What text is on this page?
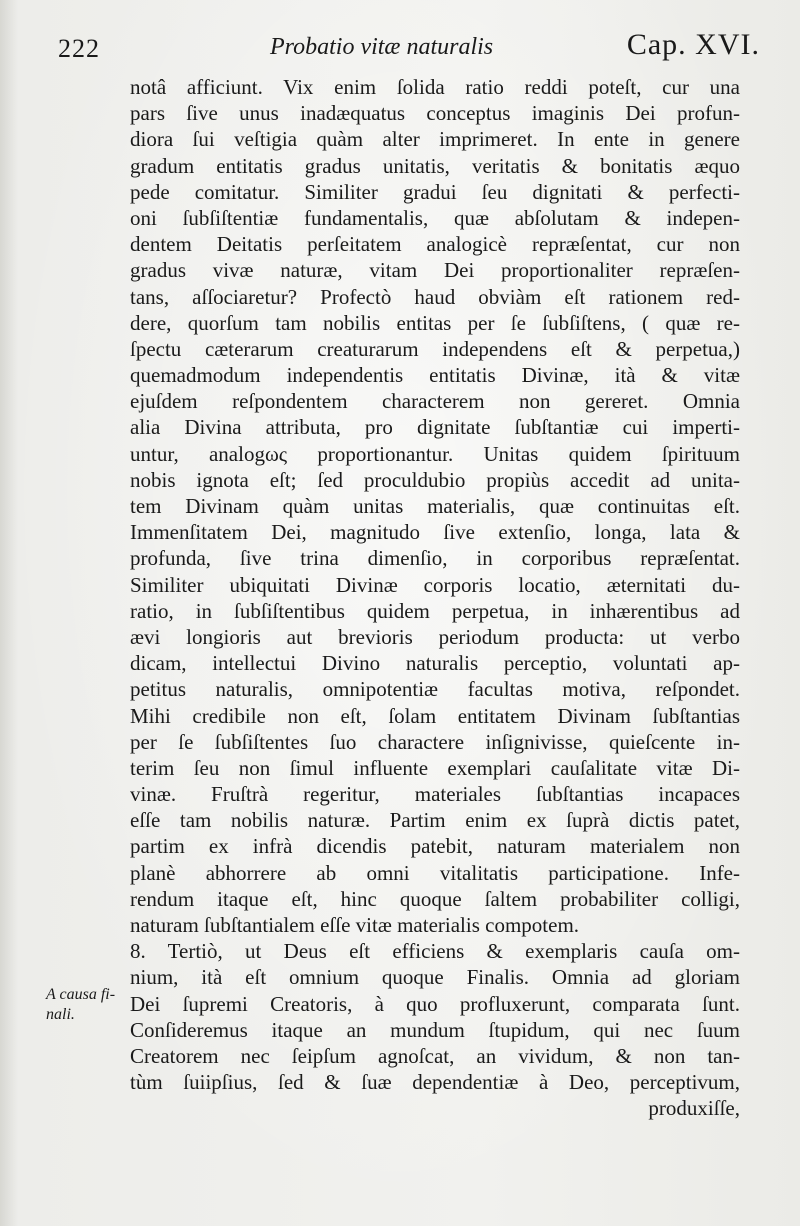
222	Probatio vitæ naturalis	Cap. XVI.
notâ afficiunt. Vix enim ſolida ratio reddi poteſt, cur una
pars ſive unus inadæquatus conceptus imaginis Dei profun-
diora ſui veſtigia quàm alter imprimeret. In ente in genere
gradum entitatis gradus unitatis, veritatis & bonitatis æquo
pede comitatur. Similiter gradui ſeu dignitati & perfecti-
oni ſubſiſtentiæ fundamentalis, quæ abſolutam & indepen-
dentem Deitatis perſeitatem analogicè repræſentat, cur non
gradus vivæ naturæ, vitam Dei proportionaliter repræſen-
tans, aſſociaretur? Profectò haud obviàm eſt rationem red-
dere, quorſum tam nobilis entitas per ſe ſubſiſtens, ( quæ re-
ſpectu cæterarum creaturarum independens eſt & perpetua,)
quemadmodum independentis entitatis Divinæ, ità & vitæ
ejuſdem reſpondentem characterem non gereret. Omnia
alia Divina attributa, pro dignitate ſubſtantiæ cui imperti-
untur, analogως proportionantur. Unitas quidem ſpirituum
nobis ignota eſt; ſed proculdubio propiùs accedit ad unita-
tem Divinam quàm unitas materialis, quæ continuitas eſt.
Immenſitatem Dei, magnitudo ſive extenſio, longa, lata &
profunda, ſive trina dimenſio, in corporibus repræſentat.
Similiter ubiquitati Divinæ corporis locatio, æternitati du-
ratio, in ſubſiſtentibus quidem perpetua, in inhærentibus ad
ævi longioris aut brevioris periodum producta: ut verbo
dicam, intellectui Divino naturalis perceptio, voluntati ap-
petitus naturalis, omnipotentiæ facultas motiva, reſpondet.
Mihi credibile non eſt, ſolam entitatem Divinam ſubſtantias
per ſe ſubſiſtentes ſuo charactere inſignivisse, quieſcente in-
terim ſeu non ſimul influente exemplari cauſalitate vitæ Di-
vinæ. Fruſtrà regeritur, materiales ſubſtantias incapaces
eſſe tam nobilis naturæ. Partim enim ex ſuprà dictis patet,
partim ex infrà dicendis patebit, naturam materialem non
planè abhorrere ab omni vitalitatis participatione. Infe-
rendum itaque eſt, hinc quoque ſaltem probabiliter colligi,
naturam ſubſtantialem eſſe vitæ materialis compotem.
8. Tertiò, ut Deus eſt efficiens & exemplaris cauſa om-
nium, ità eſt omnium quoque Finalis. Omnia ad gloriam
Dei ſupremi Creatoris, à quo profluxerunt, comparata ſunt.
Conſideremus itaque an mundum ſtupidum, qui nec ſuum
Creatorem nec ſeipſum agnoſcat, an vividum, & non tan-
tùm ſuiipſius, ſed & ſuæ dependentiæ à Deo, perceptivum,
produxiſſe,
A causa fi-
nali.
